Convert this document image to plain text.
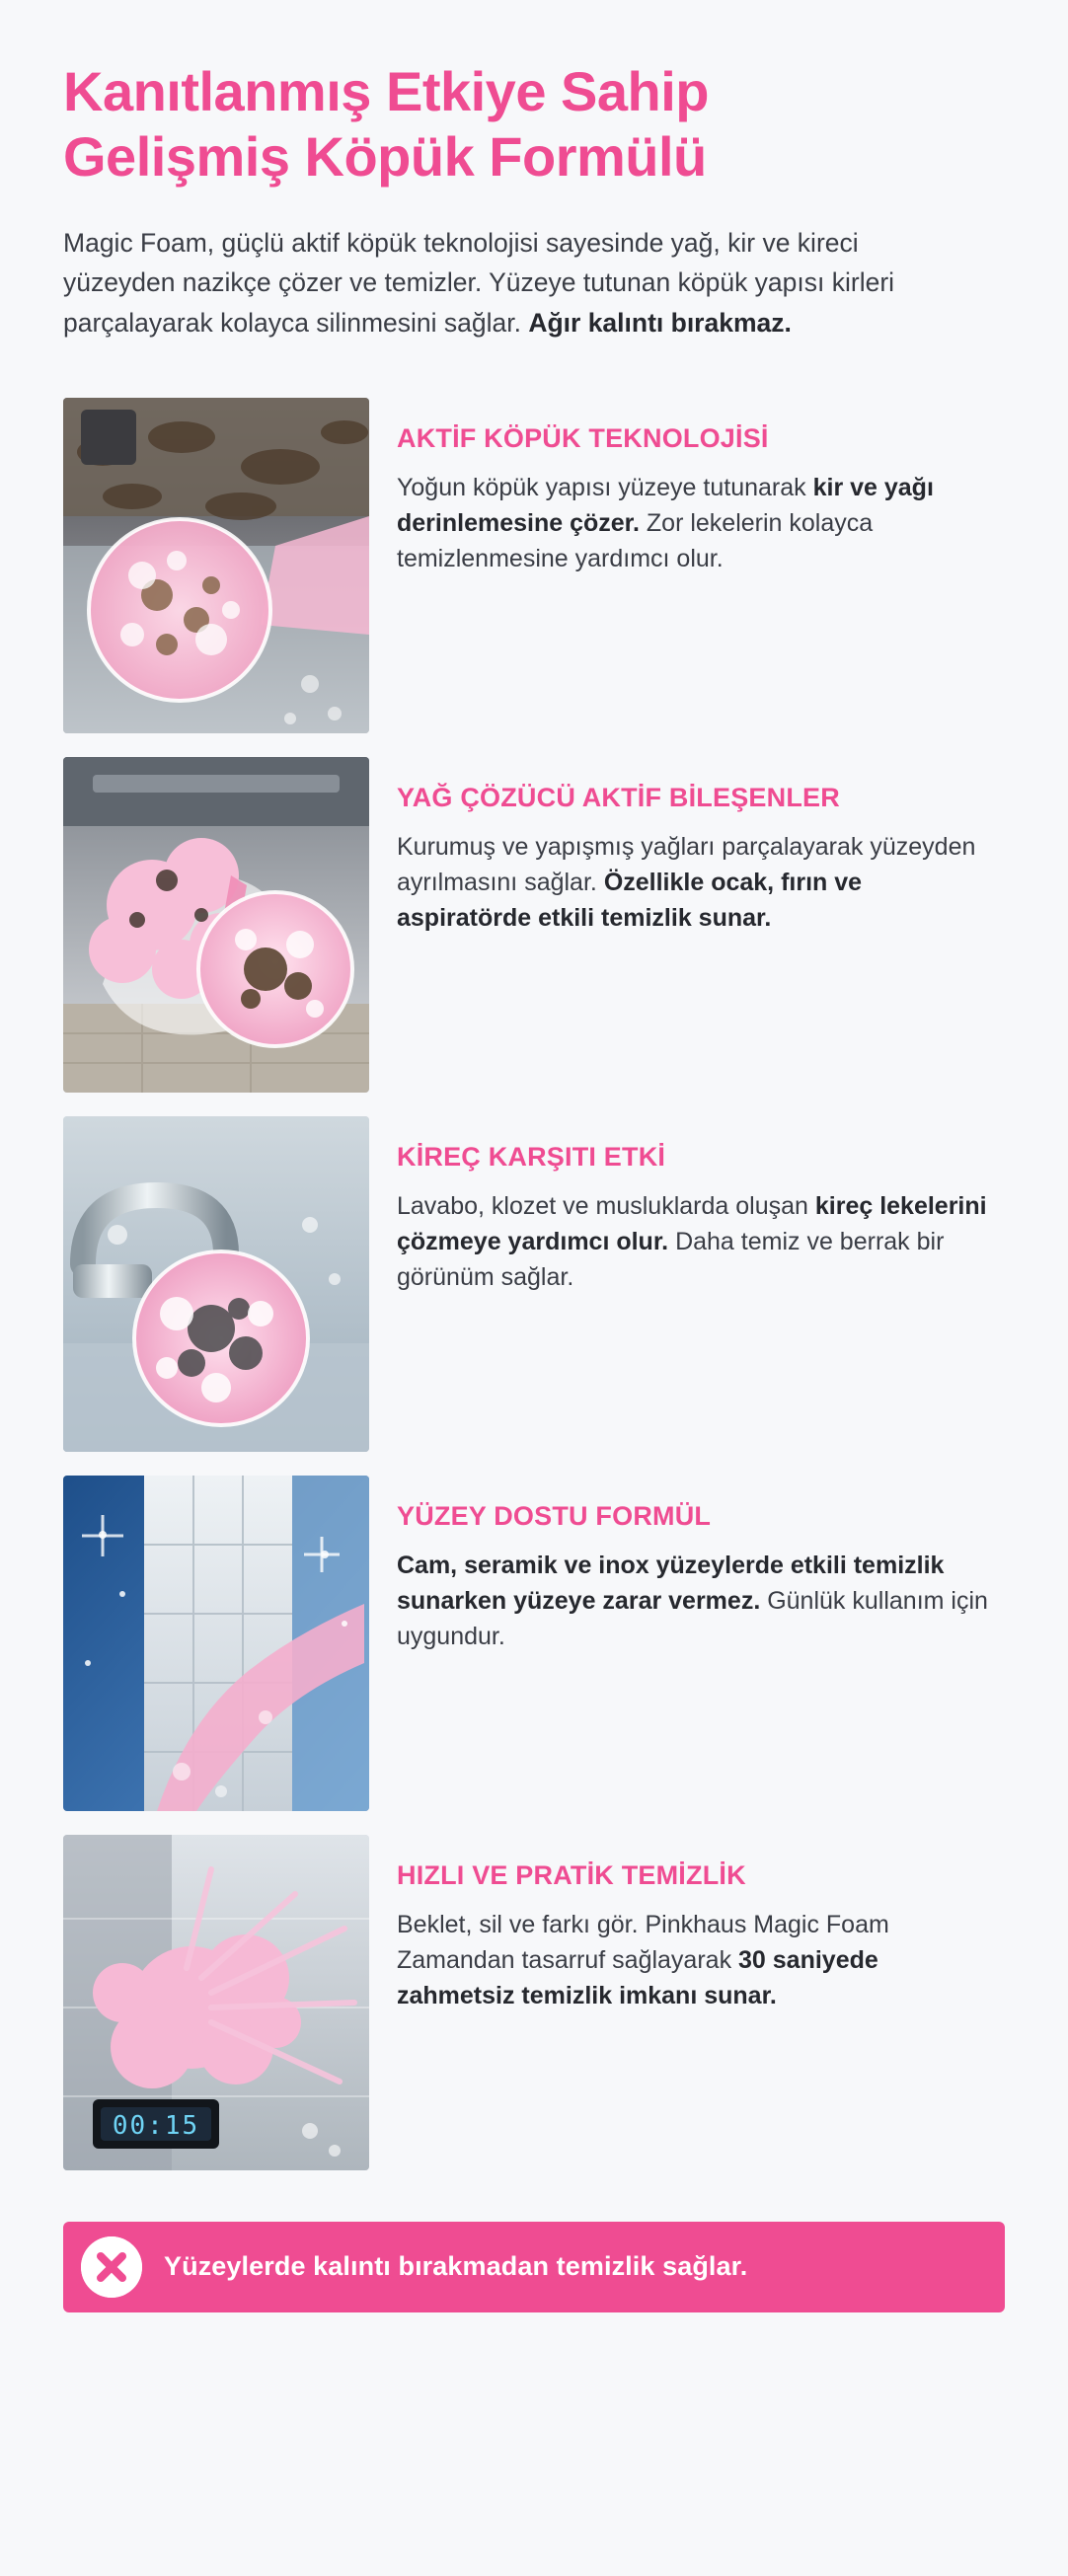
Kanıtlanmış Etkiye Sahip
Gelişmiş Köpük Formülü

Magic Foam, güçlü aktif köpük teknolojisi sayesinde yağ, kir ve kireci yüzeyden nazikçe çözer ve temizler. Yüzeye tutunan köpük yapısı kirleri parçalayarak kolayca silinmesini sağlar. Ağır kalıntı bırakmaz.

AKTİF KÖPÜK TEKNOLOJİSİ
Yoğun köpük yapısı yüzeye tutunarak kir ve yağı derinlemesine çözer. Zor lekelerin kolayca temizlenmesine yardımcı olur.
YAĞ ÇÖZÜCÜ AKTİF BİLEŞENLER
Kurumuş ve yapışmış yağları parçalayarak yüzeyden ayrılmasını sağlar. Özellikle ocak, fırın ve aspiratörde etkili temizlik sunar.
KİREÇ KARŞITI ETKİ
Lavabo, klozet ve musluklarda oluşan kireç lekelerini çözmeye yardımcı olur. Daha temiz ve berrak bir görünüm sağlar.
YÜZEY DOSTU FORMÜL
Cam, seramik ve inox yüzeylerde etkili temizlik sunarken yüzeye zarar vermez. Günlük kullanım için uygundur.
00:15
HIZLI VE PRATİK TEMİZLİK
Beklet, sil ve farkı gör. Pinkhaus Magic Foam Zamandan tasarruf sağlayarak 30 saniyede zahmetsiz temizlik imkanı sunar.
Yüzeylerde kalıntı bırakmadan temizlik sağlar.
